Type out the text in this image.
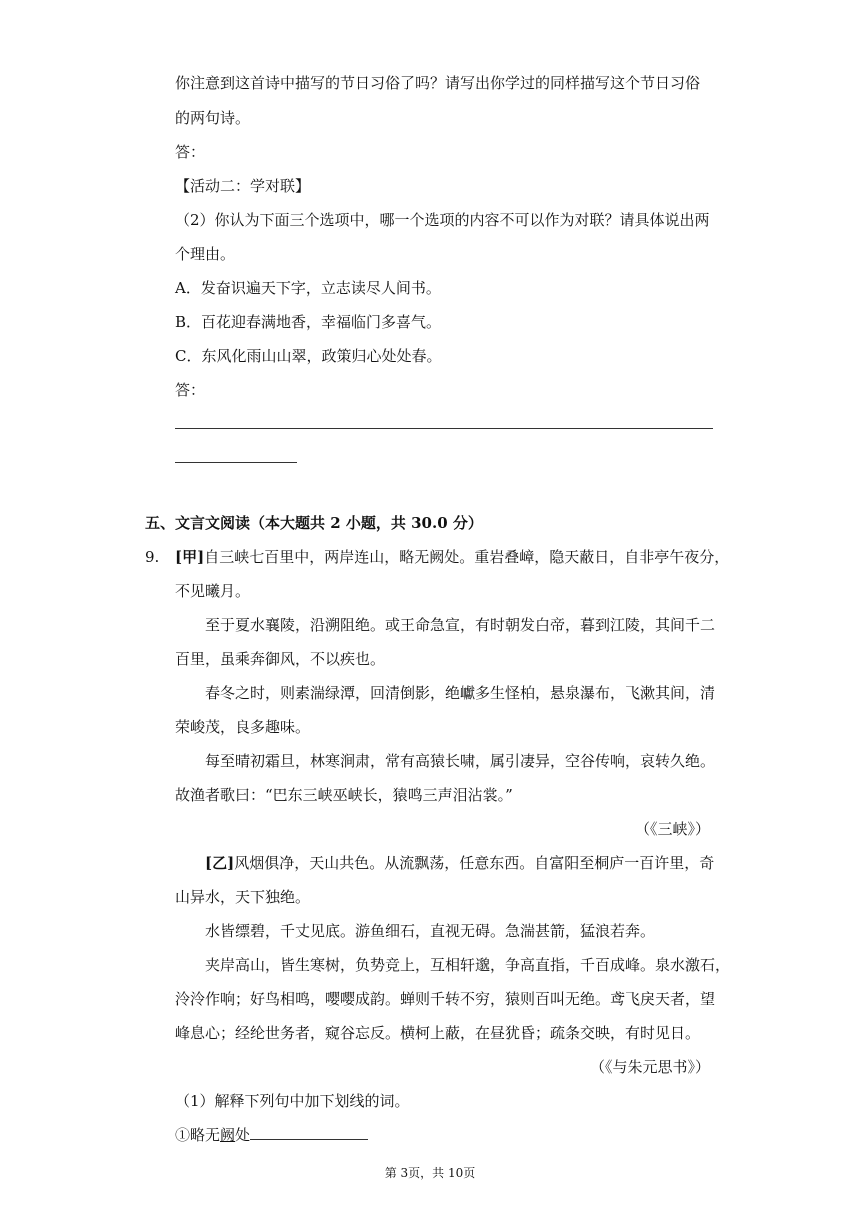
你注意到这首诗中描写的节日习俗了吗？请写出你学过的同样描写这个节日习俗
的两句诗。
答：
【活动二：学对联】
（2）你认为下面三个选项中，哪一个选项的内容不可以作为对联？请具体说出两
个理由。
A．发奋识遍天下字，立志读尽人间书。
B．百花迎春满地香，幸福临门多喜气。
C．东风化雨山山翠，政策归心处处春。
答：
五、文言文阅读（本大题共 2 小题，共 30.0 分）
9. [甲]自三峡七百里中，两岸连山，略无阙处。重岩叠嶂，隐天蔽日，自非亭午夜分，
不见曦月。
至于夏水襄陵，沿溯阻绝。或王命急宣，有时朝发白帝，暮到江陵，其间千二
百里，虽乘奔御风，不以疾也。
春冬之时，则素湍绿潭，回清倒影，绝巘多生怪柏，悬泉瀑布，飞漱其间，清
荣峻茂，良多趣味。
每至晴初霜旦，林寒涧肃，常有高猿长啸，属引凄异，空谷传响，哀转久绝。
故渔者歌曰：“巴东三峡巫峡长，猿鸣三声泪沾裳。”
（《三峡》）
[乙]风烟俱净，天山共色。从流飘荡，任意东西。自富阳至桐庐一百许里，奇
山异水，天下独绝。
水皆缥碧，千丈见底。游鱼细石，直视无碍。急湍甚箭，猛浪若奔。
夹岸高山，皆生寒树，负势竞上，互相轩邈，争高直指，千百成峰。泉水激石，
泠泠作响；好鸟相鸣，嘤嘤成韵。蝉则千转不穷，猿则百叫无绝。鸢飞戾天者，望
峰息心；经纶世务者，窥谷忘反。横柯上蔽，在昼犹昏；疏条交映，有时见日。
（《与朱元思书》）
（1）解释下列句中加下划线的词。
①略无阙处
第 3页，共 10页
